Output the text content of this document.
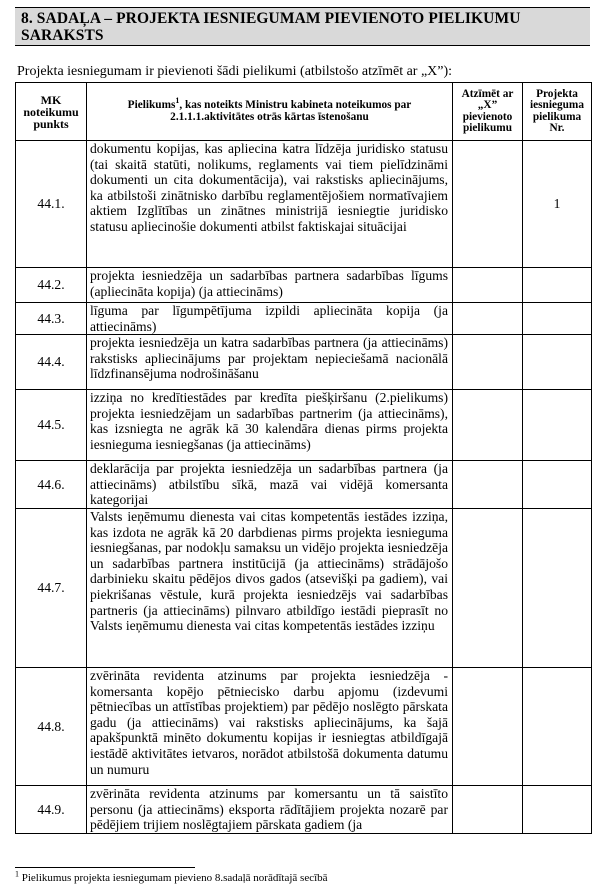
8. SADAĻA – PROJEKTA IESNIEGUMAM PIEVIENOTO PIELIKUMU SARAKSTS
Projekta iesniegumam ir pievienoti šādi pielikumi (atbilstošo atzīmēt ar „X”):
MK noteikumu punkts	Pielikums$^1$, kas noteikts Ministru kabineta noteikumos par 2.1.1.1.aktivitātes otrās kārtas īstenošanu	Atzīmēt ar „X” pievienoto pielikumu	Projekta iesnieguma pielikuma Nr.
44.1.	dokumentu kopijas, kas apliecina katra līdzēja juridisko statusu (tai skaitā statūti, nolikums, reglaments vai tiem pielīdzināmi dokumenti un cita dokumentācija), vai rakstisks apliecinājums, ka atbilstoši zinātnisko darbību reglamentējošiem normatīvajiem aktiem Izglītības un zinātnes ministrijā iesniegtie juridisko statusu apliecinošie dokumenti atbilst faktiskajai situācijai		1
44.2.	projekta iesniedzēja un sadarbības partnera sadarbības līgums (apliecināta kopija) (ja attiecināms)		
44.3.	līguma par līgumpētījuma izpildi apliecināta kopija (ja attiecināms)		
44.4.	projekta iesniedzēja un katra sadarbības partnera (ja attiecināms) rakstisks apliecinājums par projektam nepieciešamā nacionālā līdzfinansējuma nodrošināšanu		
44.5.	izziņa no kredītiestādes par kredīta piešķiršanu (2.pielikums) projekta iesniedzējam un sadarbības partnerim (ja attiecināms), kas izsniegta ne agrāk kā 30 kalendāra dienas pirms projekta iesnieguma iesniegšanas (ja attiecināms)		
44.6.	deklarācija par projekta iesniedzēja un sadarbības partnera (ja attiecināms) atbilstību sīkā, mazā vai vidējā komersanta kategorijai		
44.7.	Valsts ieņēmumu dienesta vai citas kompetentās iestādes izziņa, kas izdota ne agrāk kā 20 darbdienas pirms projekta iesnieguma iesniegšanas, par nodokļu samaksu un vidējo projekta iesniedzēja un sadarbības partnera institūcijā (ja attiecināms) strādājošo darbinieku skaitu pēdējos divos gados (atsevišķi pa gadiem), vai piekrišanas vēstule, kurā projekta iesniedzējs vai sadarbības partneris (ja attiecināms) pilnvaro atbildīgo iestādi pieprasīt no Valsts ieņēmumu dienesta vai citas kompetentās iestādes izziņu		
44.8.	zvērināta revidenta atzinums par projekta iesniedzēja - komersanta kopējo pētniecisko darbu apjomu (izdevumi pētniecības un attīstības projektiem) par pēdējo noslēgto pārskata gadu (ja attiecināms) vai rakstisks apliecinājums, ka šajā apakšpunktā minēto dokumentu kopijas ir iesniegtas atbildīgajā iestādē aktivitātes ietvaros, norādot atbilstošā dokumenta datumu un numuru		
44.9.	zvērināta revidenta atzinums par komersantu un tā saistīto personu (ja attiecināms) eksporta rādītājiem projekta nozarē par pēdējiem trijiem noslēgtajiem pārskata gadiem (ja		
$^1$ Pielikumus projekta iesniegumam pievieno 8.sadaļā norādītajā secībā
